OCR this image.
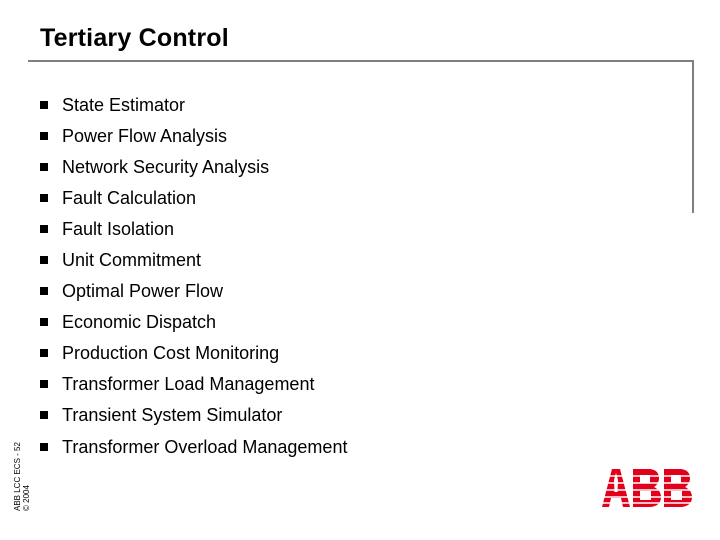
Tertiary Control
State Estimator
Power Flow Analysis
Network Security Analysis
Fault Calculation
Fault Isolation
Unit Commitment
Optimal Power Flow
Economic Dispatch
Production Cost Monitoring
Transformer Load Management
Transient System Simulator
Transformer Overload Management
ABB LCC ECS - 52 © 2004
